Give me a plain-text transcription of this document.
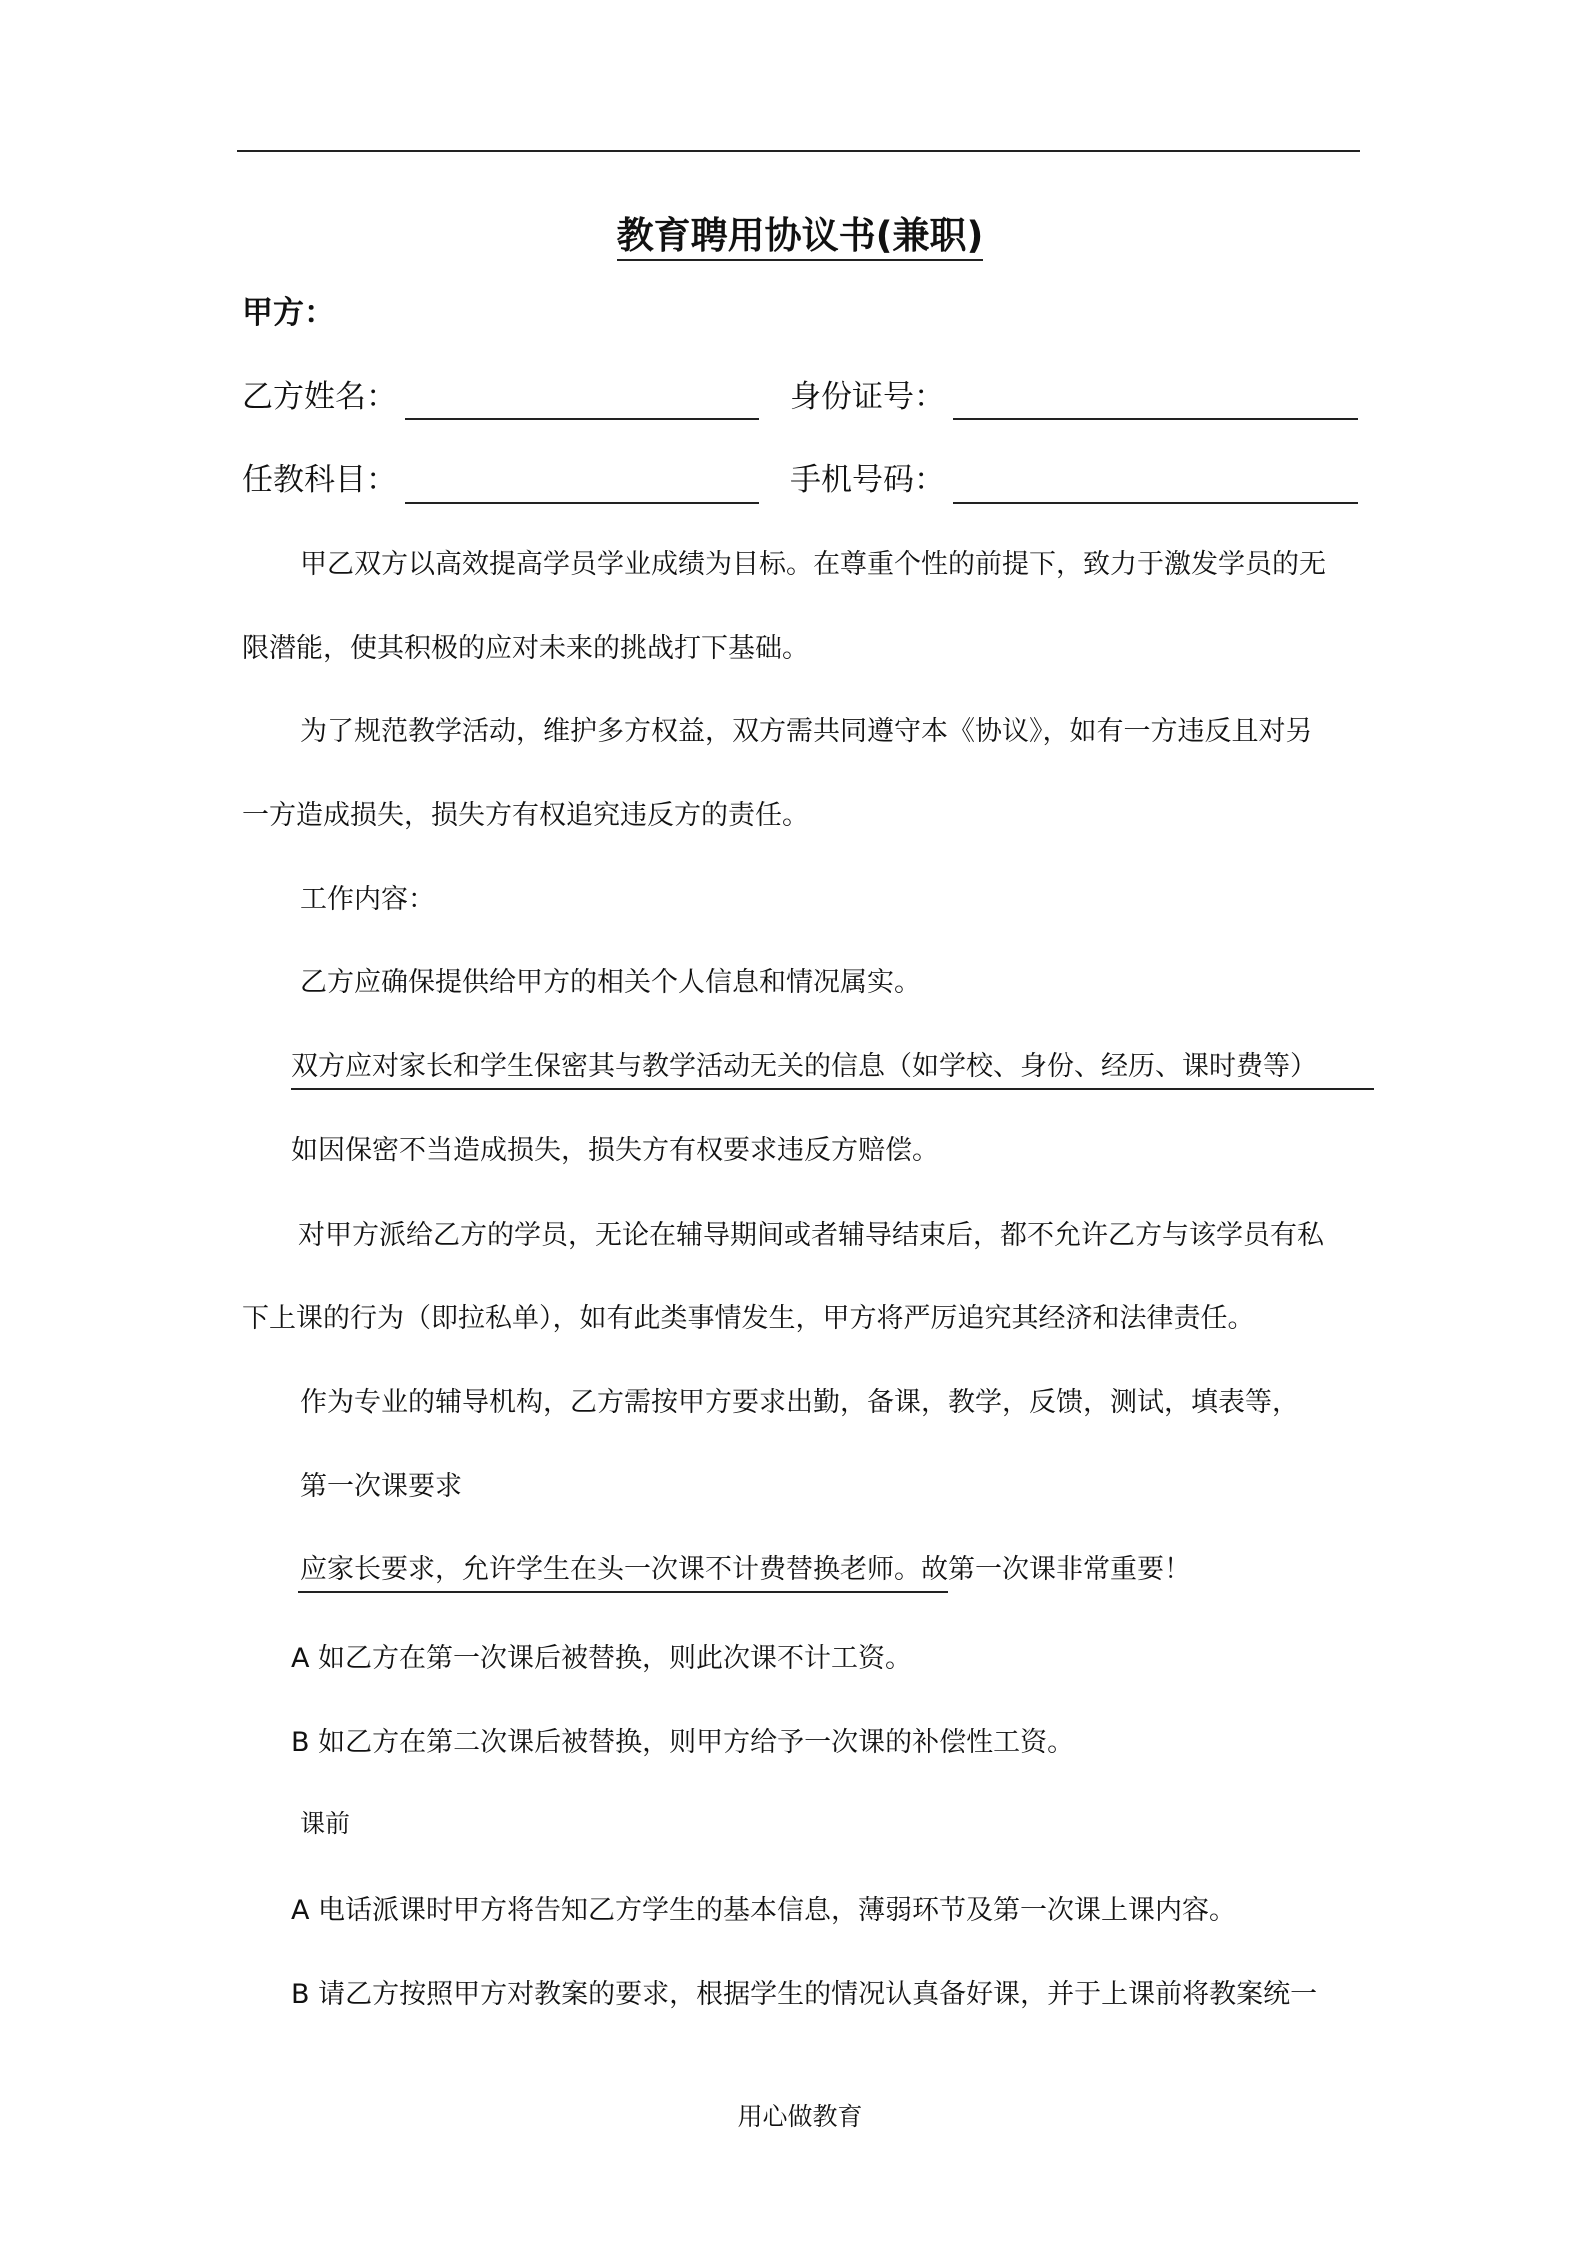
教育聘用协议书(兼职)
甲方：
乙方姓名：	身份证号：
任教科目：	手机号码：
甲乙双方以高效提高学员学业成绩为目标。在尊重个性的前提下，致力于激发学员的无
限潜能，使其积极的应对未来的挑战打下基础。
为了规范教学活动，维护多方权益，双方需共同遵守本《协议》，如有一方违反且对另
一方造成损失，损失方有权追究违反方的责任。
工作内容：
乙方应确保提供给甲方的相关个人信息和情况属实。
双方应对家长和学生保密其与教学活动无关的信息（如学校、身份、经历、课时费等）
如因保密不当造成损失，损失方有权要求违反方赔偿。
对甲方派给乙方的学员，无论在辅导期间或者辅导结束后，都不允许乙方与该学员有私
下上课的行为（即拉私单），如有此类事情发生，甲方将严厉追究其经济和法律责任。
作为专业的辅导机构，乙方需按甲方要求出勤，备课，教学，反馈，测试，填表等，
第一次课要求
应家长要求，允许学生在头一次课不计费替换老师。故第一次课非常重要！
A 如乙方在第一次课后被替换，则此次课不计工资。
B 如乙方在第二次课后被替换，则甲方给予一次课的补偿性工资。
课前
A 电话派课时甲方将告知乙方学生的基本信息，薄弱环节及第一次课上课内容。
B 请乙方按照甲方对教案的要求，根据学生的情况认真备好课，并于上课前将教案统一
用心做教育
